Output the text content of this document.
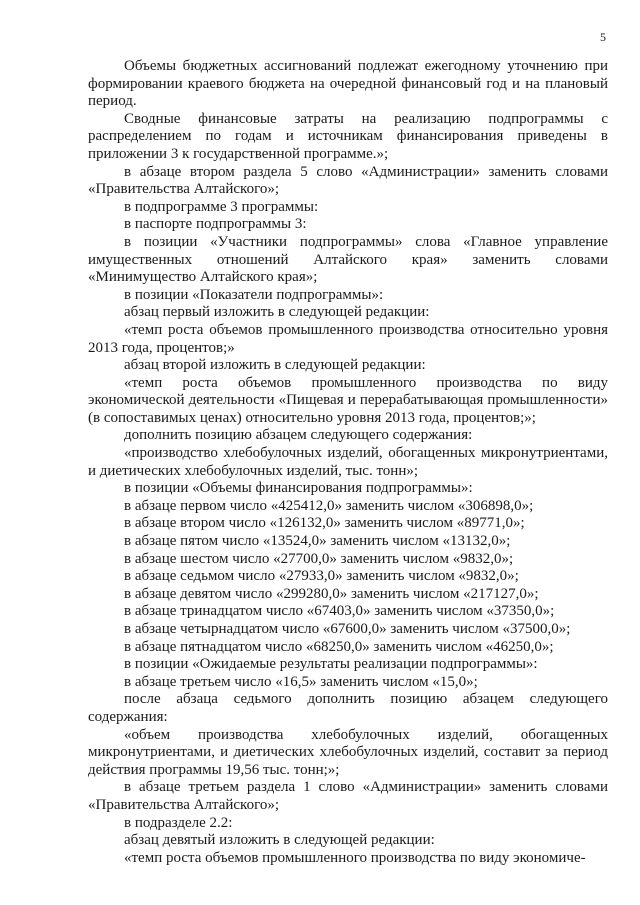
5

Объемы бюджетных ассигнований подлежат ежегодному уточнению при формировании краевого бюджета на очередной финансовый год и на плановый период.

Сводные финансовые затраты на реализацию подпрограммы с распределением по годам и источникам финансирования приведены в приложении 3 к государственной программе.»;

в абзаце втором раздела 5 слово «Администрации» заменить словами «Правительства Алтайского»;

в подпрограмме 3 программы:

в паспорте подпрограммы 3:

в позиции «Участники подпрограммы» слова «Главное управление имущественных отношений Алтайского края» заменить словами «Минимущество Алтайского края»;

в позиции «Показатели подпрограммы»:

абзац первый изложить в следующей редакции:

«темп роста объемов промышленного производства относительно уровня 2013 года, процентов;»

абзац второй изложить в следующей редакции:

«темп роста объемов промышленного производства по виду экономической деятельности «Пищевая и перерабатывающая промышленности» (в сопоставимых ценах) относительно уровня 2013 года, процентов;»;

дополнить позицию абзацем следующего содержания:

«производство хлебобулочных изделий, обогащенных микронутриентами, и диетических хлебобулочных изделий, тыс. тонн»;

в позиции «Объемы финансирования подпрограммы»:

в абзаце первом число «425412,0» заменить числом «306898,0»;

в абзаце втором число «126132,0» заменить числом «89771,0»;

в абзаце пятом число «13524,0» заменить числом «13132,0»;

в абзаце шестом число «27700,0» заменить числом «9832,0»;

в абзаце седьмом число «27933,0» заменить числом «9832,0»;

в абзаце девятом число «299280,0» заменить числом «217127,0»;

в абзаце тринадцатом число «67403,0» заменить числом «37350,0»;

в абзаце четырнадцатом число «67600,0» заменить числом «37500,0»;

в абзаце пятнадцатом число «68250,0» заменить числом «46250,0»;

в позиции «Ожидаемые результаты реализации подпрограммы»:

в абзаце третьем число «16,5» заменить числом «15,0»;

после абзаца седьмого дополнить позицию абзацем следующего содержания:

«объем производства хлебобулочных изделий, обогащенных микронутриентами, и диетических хлебобулочных изделий, составит за период действия программы 19,56 тыс. тонн;»;

в абзаце третьем раздела 1 слово «Администрации» заменить словами «Правительства Алтайского»;

в подразделе 2.2:

абзац девятый изложить в следующей редакции:

«темп роста объемов промышленного производства по виду экономиче-
